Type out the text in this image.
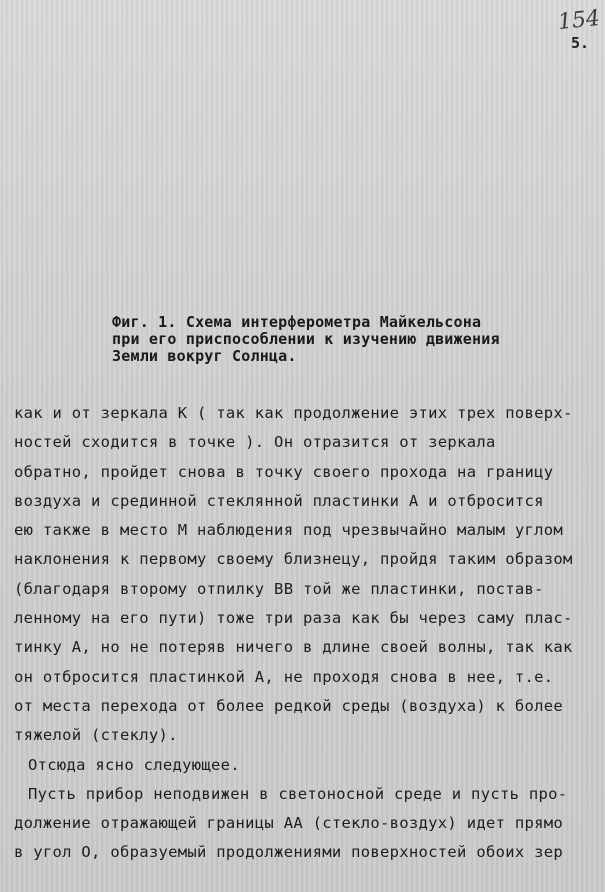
154
5.
Фиг. 1. Схема интерферометра Майкельсона
при его приспособлении к изучению движения
Земли вокруг Солнца.
как и от зеркала К ( так как продолжение этих трех поверх-
ностей сходится в точке ). Он отразится от зеркала
обратно, пройдет снова в точку своего прохода на границу
воздуха и срединной стеклянной пластинки А и отбросится
ею также в место М наблюдения под чрезвычайно малым углом
наклонения к первому своему близнецу, пройдя таким образом
(благодаря второму отпилку ВВ той же пластинки, постав-
ленному на его пути) тоже три раза как бы через саму плас-
тинку А, но не потеряв ничего в длине своей волны, так как
он отбросится пластинкой А, не проходя снова в нее, т.е.
от места перехода от более редкой среды (воздуха) к более
тяжелой (стеклу).
Отсюда ясно следующее.
Пусть прибор неподвижен в светоносной среде и пусть про-
должение отражающей границы АА (стекло-воздух) идет прямо
в угол О, образуемый продолжениями поверхностей обоих зер
